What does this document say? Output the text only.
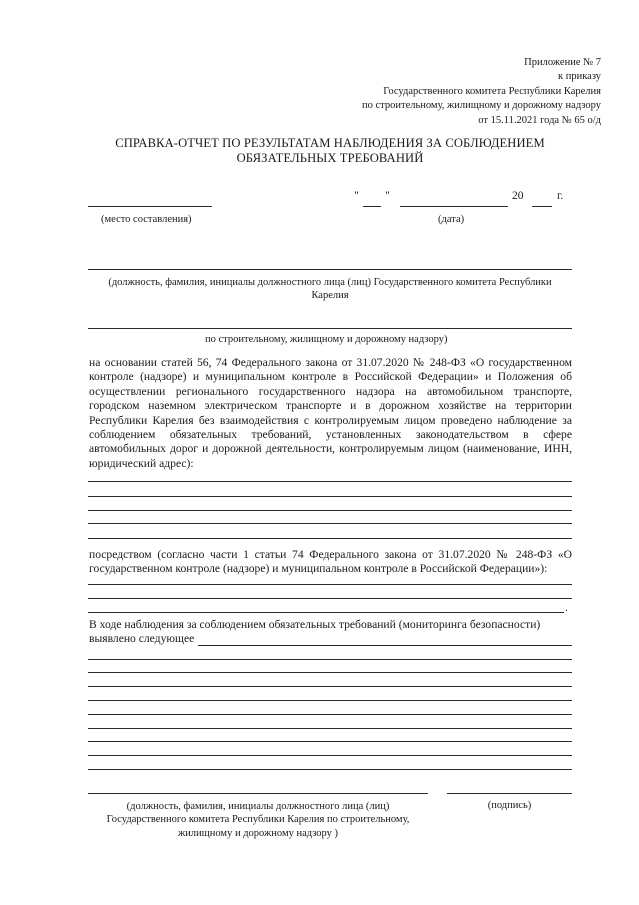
Приложение № 7
к приказу
Государственного комитета Республики Карелия
по строительному, жилищному и дорожному надзору
от 15.11.2021 года № 65 о/д
СПРАВКА-ОТЧЕТ ПО РЕЗУЛЬТАТАМ НАБЛЮДЕНИЯ ЗА СОБЛЮДЕНИЕМ
ОБЯЗАТЕЛЬНЫХ ТРЕБОВАНИЙ
" "	20	г.
(место составления)	(дата)
(должность, фамилия, инициалы должностного лица (лиц) Государственного комитета Республики
Карелия
по строительному, жилищному и дорожному надзору)
на основании статей 56, 74 Федерального закона от 31.07.2020 № 248-ФЗ «О государственном контроле (надзоре) и муниципальном контроле в Российской Федерации» и Положения об осуществлении регионального государственного надзора на автомобильном транспорте, городском наземном электрическом транспорте и в дорожном хозяйстве на территории Республики Карелия без взаимодействия с контролируемым лицом проведено наблюдение за соблюдением обязательных требований, установленных законодательством в сфере автомобильных дорог и дорожной деятельности, контролируемым лицом (наименование, ИНН, юридический адрес):
посредством (согласно части 1 статьи 74 Федерального закона от 31.07.2020 № 248-ФЗ «О государственном контроле (надзоре) и муниципальном контроле в Российской Федерации»):
.
В ходе наблюдения за соблюдением обязательных требований (мониторинга безопасности)
выявлено следующее
(должность, фамилия, инициалы должностного лица (лиц)
Государственного комитета Республики Карелия по строительному,
жилищному и дорожному надзору )
(подпись)
